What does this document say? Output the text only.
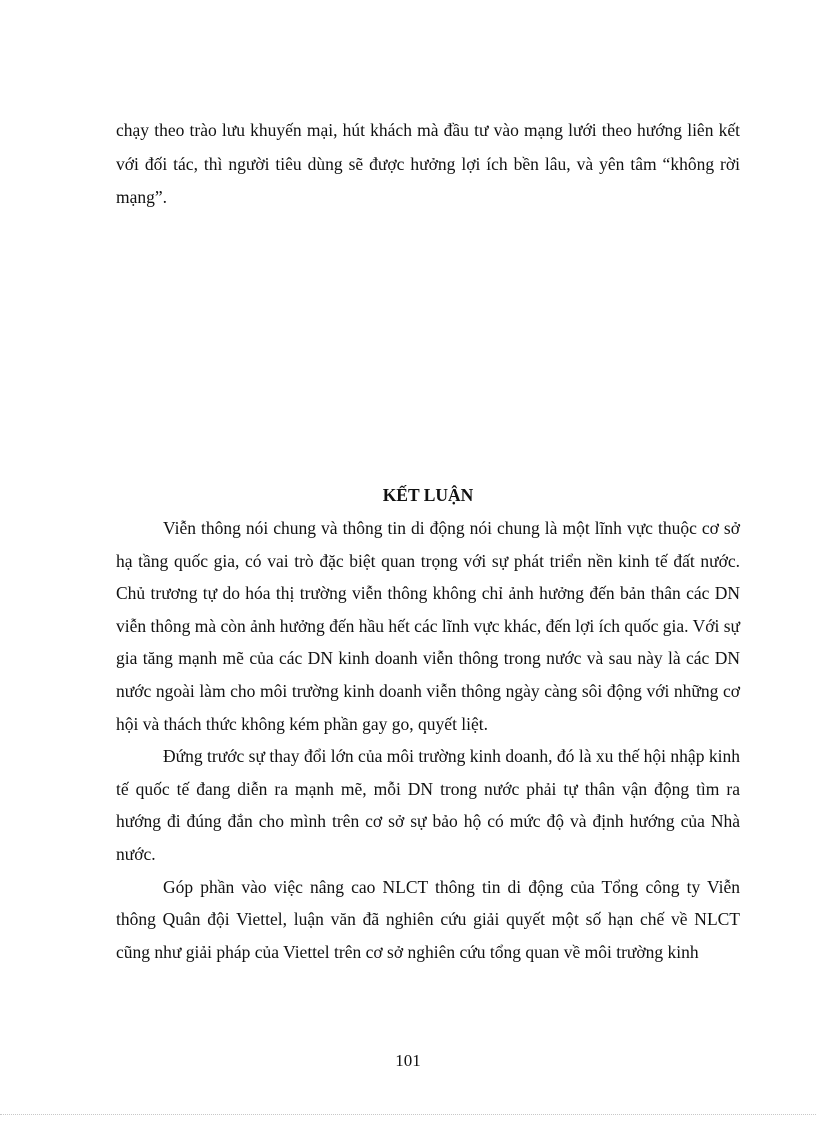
chạy theo trào lưu khuyến mại, hút khách mà đầu tư vào mạng lưới theo hướng liên kết với đối tác, thì người tiêu dùng sẽ được hưởng lợi ích bền lâu, và yên tâm “không rời mạng”.

KẾT LUẬN

Viễn thông nói chung và thông tin di động nói chung là một lĩnh vực thuộc cơ sở hạ tầng quốc gia, có vai trò đặc biệt quan trọng với sự phát triển nền kinh tế đất nước. Chủ trương tự do hóa thị trường viễn thông không chỉ ảnh hưởng đến bản thân các DN viễn thông mà còn ảnh hưởng đến hầu hết các lĩnh vực khác, đến lợi ích quốc gia. Với sự gia tăng mạnh mẽ của các DN kinh doanh viễn thông trong nước và sau này là các DN nước ngoài làm cho môi trường kinh doanh viễn thông ngày càng sôi động với những cơ hội và thách thức không kém phần gay go, quyết liệt.

Đứng trước sự thay đổi lớn của môi trường kinh doanh, đó là xu thế hội nhập kinh tế quốc tế đang diễn ra mạnh mẽ, mỗi DN trong nước phải tự thân vận động tìm ra hướng đi đúng đắn cho mình trên cơ sở sự bảo hộ có mức độ và định hướng của Nhà nước.

Góp phần vào việc nâng cao NLCT thông tin di động của Tổng công ty Viễn thông Quân đội Viettel, luận văn đã nghiên cứu giải quyết một số hạn chế về NLCT cũng như giải pháp của Viettel trên cơ sở nghiên cứu tổng quan về môi trường kinh

101
